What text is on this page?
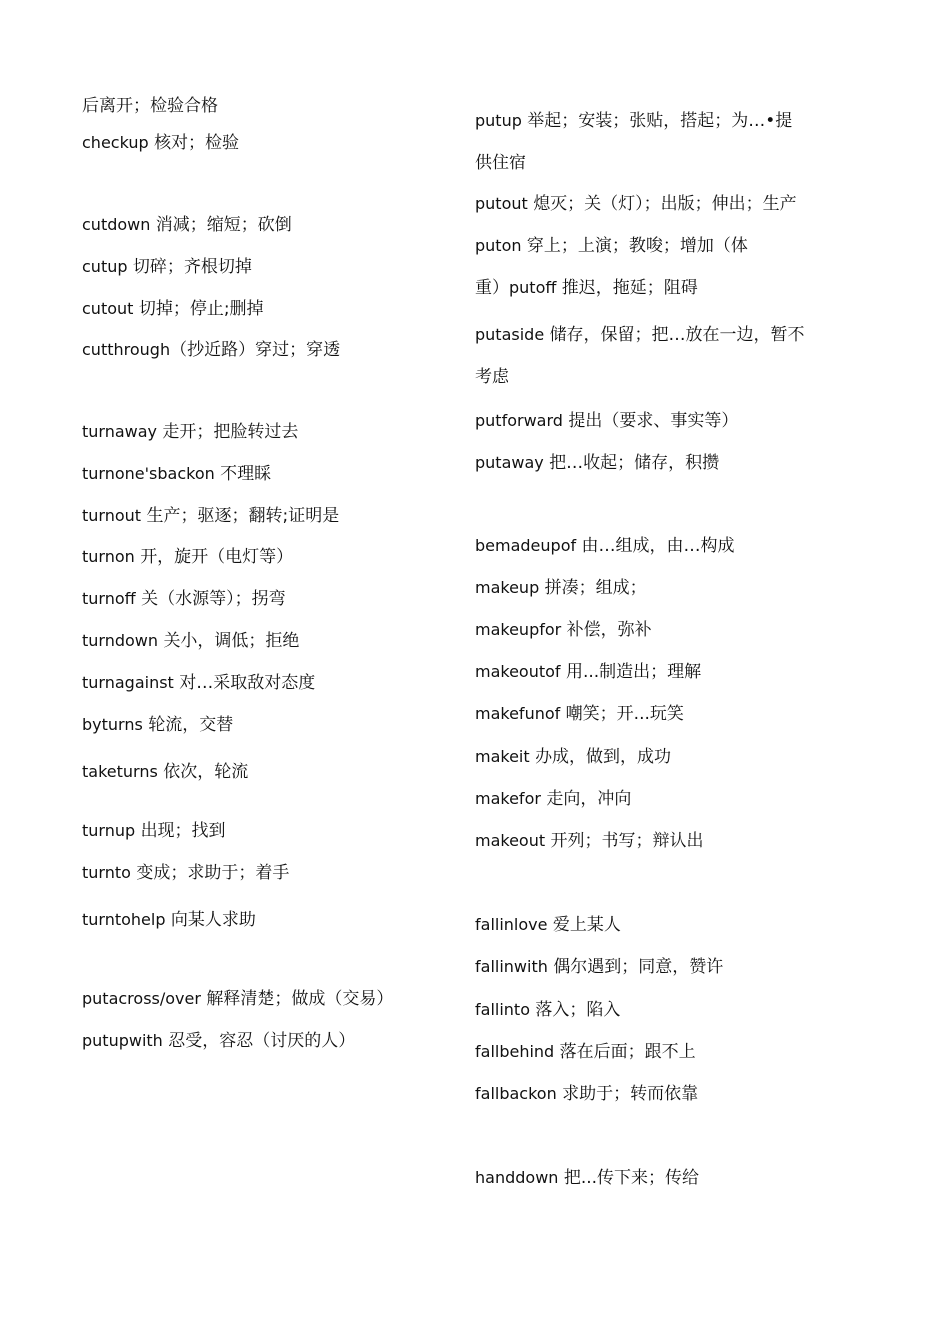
后离开；检验合格
checkup 核对；检验
cutdown 消减；缩短；砍倒
cutup 切碎；齐根切掉
cutout 切掉；停止;删掉
cutthrough（抄近路）穿过；穿透
turnaway 走开；把脸转过去
turnone'sbackon 不理睬
turnout 生产；驱逐；翻转;证明是
turnon 开，旋开（电灯等）
turnoff 关（水源等）；拐弯
turndown 关小，调低；拒绝
turnagainst 对…采取敌对态度
byturns 轮流，交替
taketurns 依次，轮流
turnup 出现；找到
turnto 变成；求助于；着手
turntohelp 向某人求助
putacross/over 解释清楚；做成（交易）
putupwith 忍受，容忍（讨厌的人）
putup 举起；安装；张贴，搭起；为…•提
供住宿
putout 熄灭；关（灯）；出版；伸出；生产
puton 穿上；上演；教唆；增加（体
重）putoff 推迟，拖延；阻碍
putaside 储存，保留；把…放在一边，暂不
考虑
putforward 提出（要求、事实等）
putaway 把…收起；储存，积攒
bemadeupof 由…组成，由…构成
makeup 拼凑；组成；
makeupfor 补偿，弥补
makeoutof 用...制造出；理解
makefunof 嘲笑；开...玩笑
makeit 办成，做到，成功
makefor 走向，冲向
makeout 开列；书写；辩认出
fallinlove 爱上某人
fallinwith 偶尔遇到；同意，赞许
fallinto 落入；陷入
fallbehind 落在后面；跟不上
fallbackon 求助于；转而依靠
handdown 把...传下来；传给
